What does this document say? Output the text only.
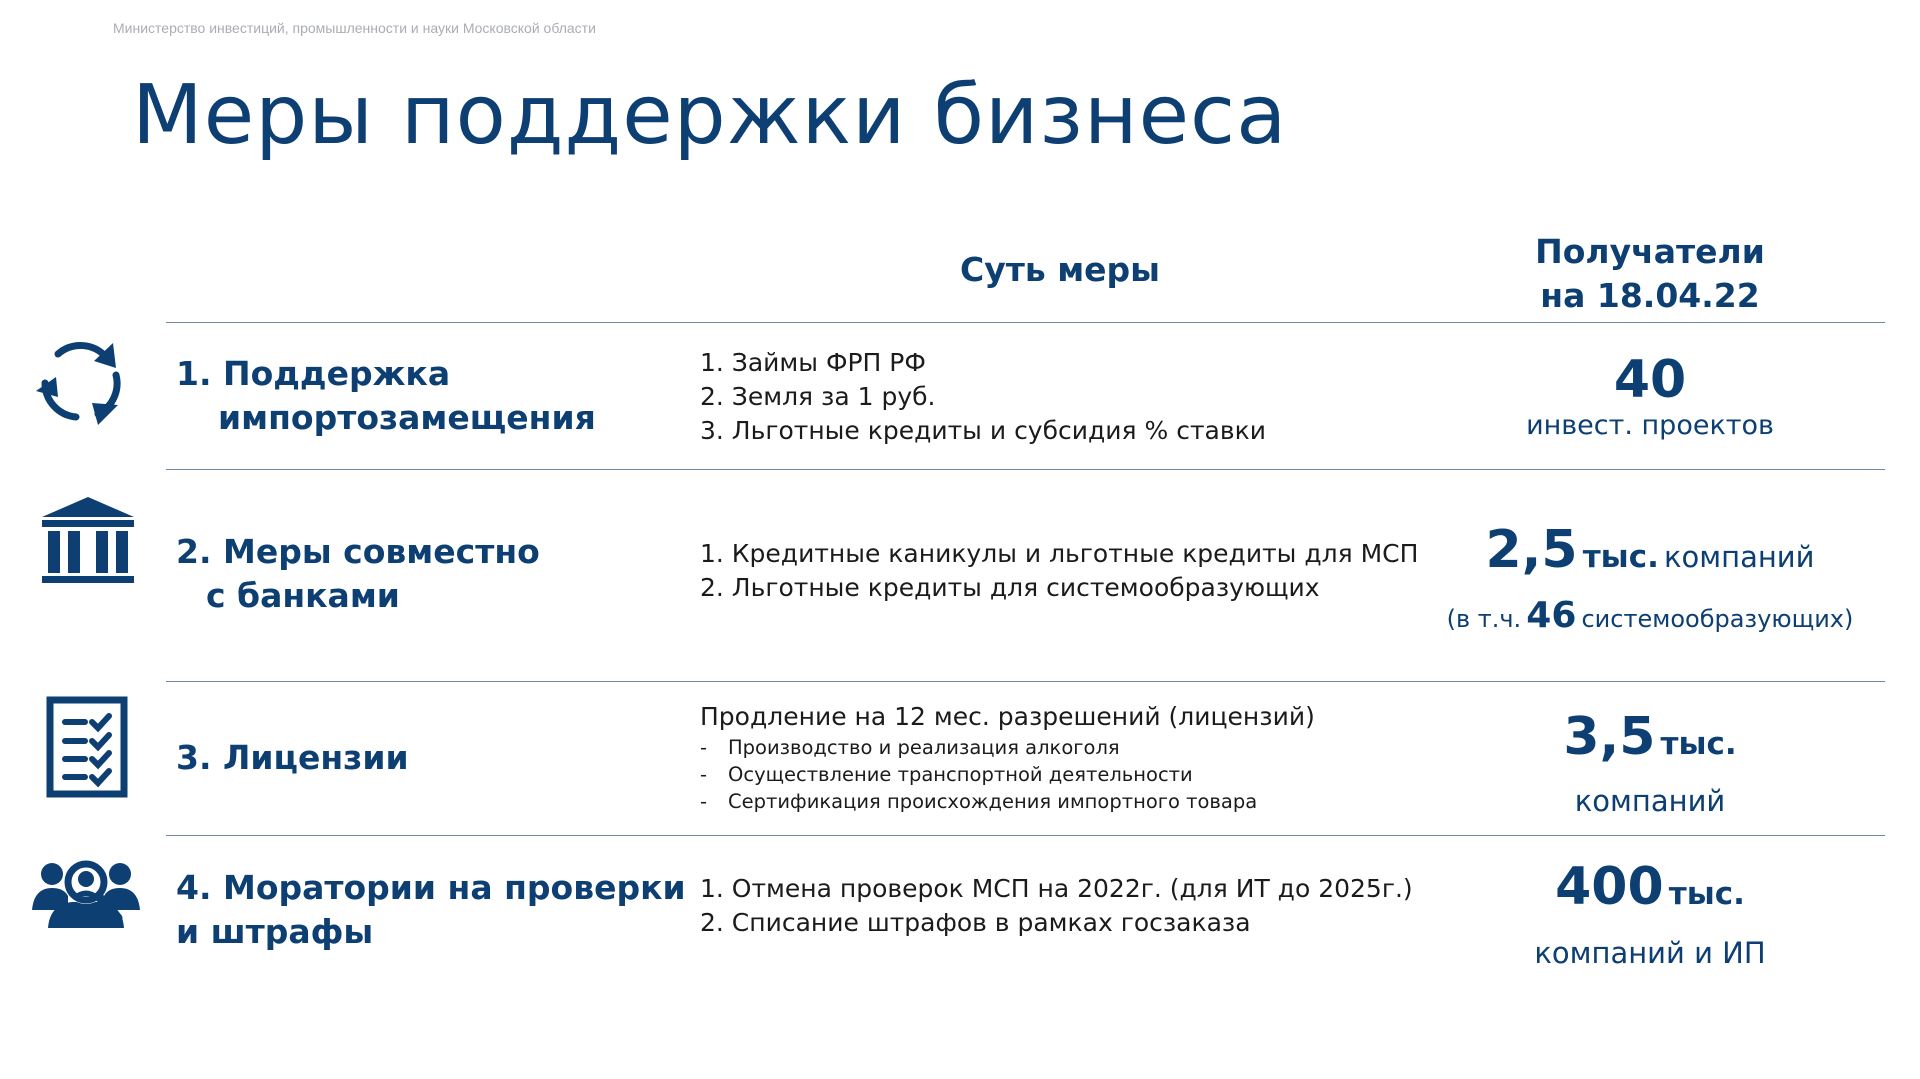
Министерство инвестиций, промышленности и науки Московской области
Меры поддержки бизнеса
Суть меры	Получатели
на 18.04.22
1. Поддержка
импортозамещения
1. Займы ФРП РФ
2. Земля за 1 руб.
3. Льготные кредиты и субсидия % ставки
40
инвест. проектов
2. Меры совместно
с банками
1. Кредитные каникулы и льготные кредиты для МСП
2. Льготные кредиты для системообразующих
2,5 тыс. компаний
(в т.ч. 46 системообразующих)
3. Лицензии
Продление на 12 мес. разрешений (лицензий)
- Производство и реализация алкоголя
- Осуществление транспортной деятельности
- Сертификация происхождения импортного товара
3,5 тыс.
компаний
4. Моратории на проверки
и штрафы
1. Отмена проверок МСП на 2022г. (для ИТ до 2025г.)
2. Списание штрафов в рамках госзаказа
400 тыс.
компаний и ИП
